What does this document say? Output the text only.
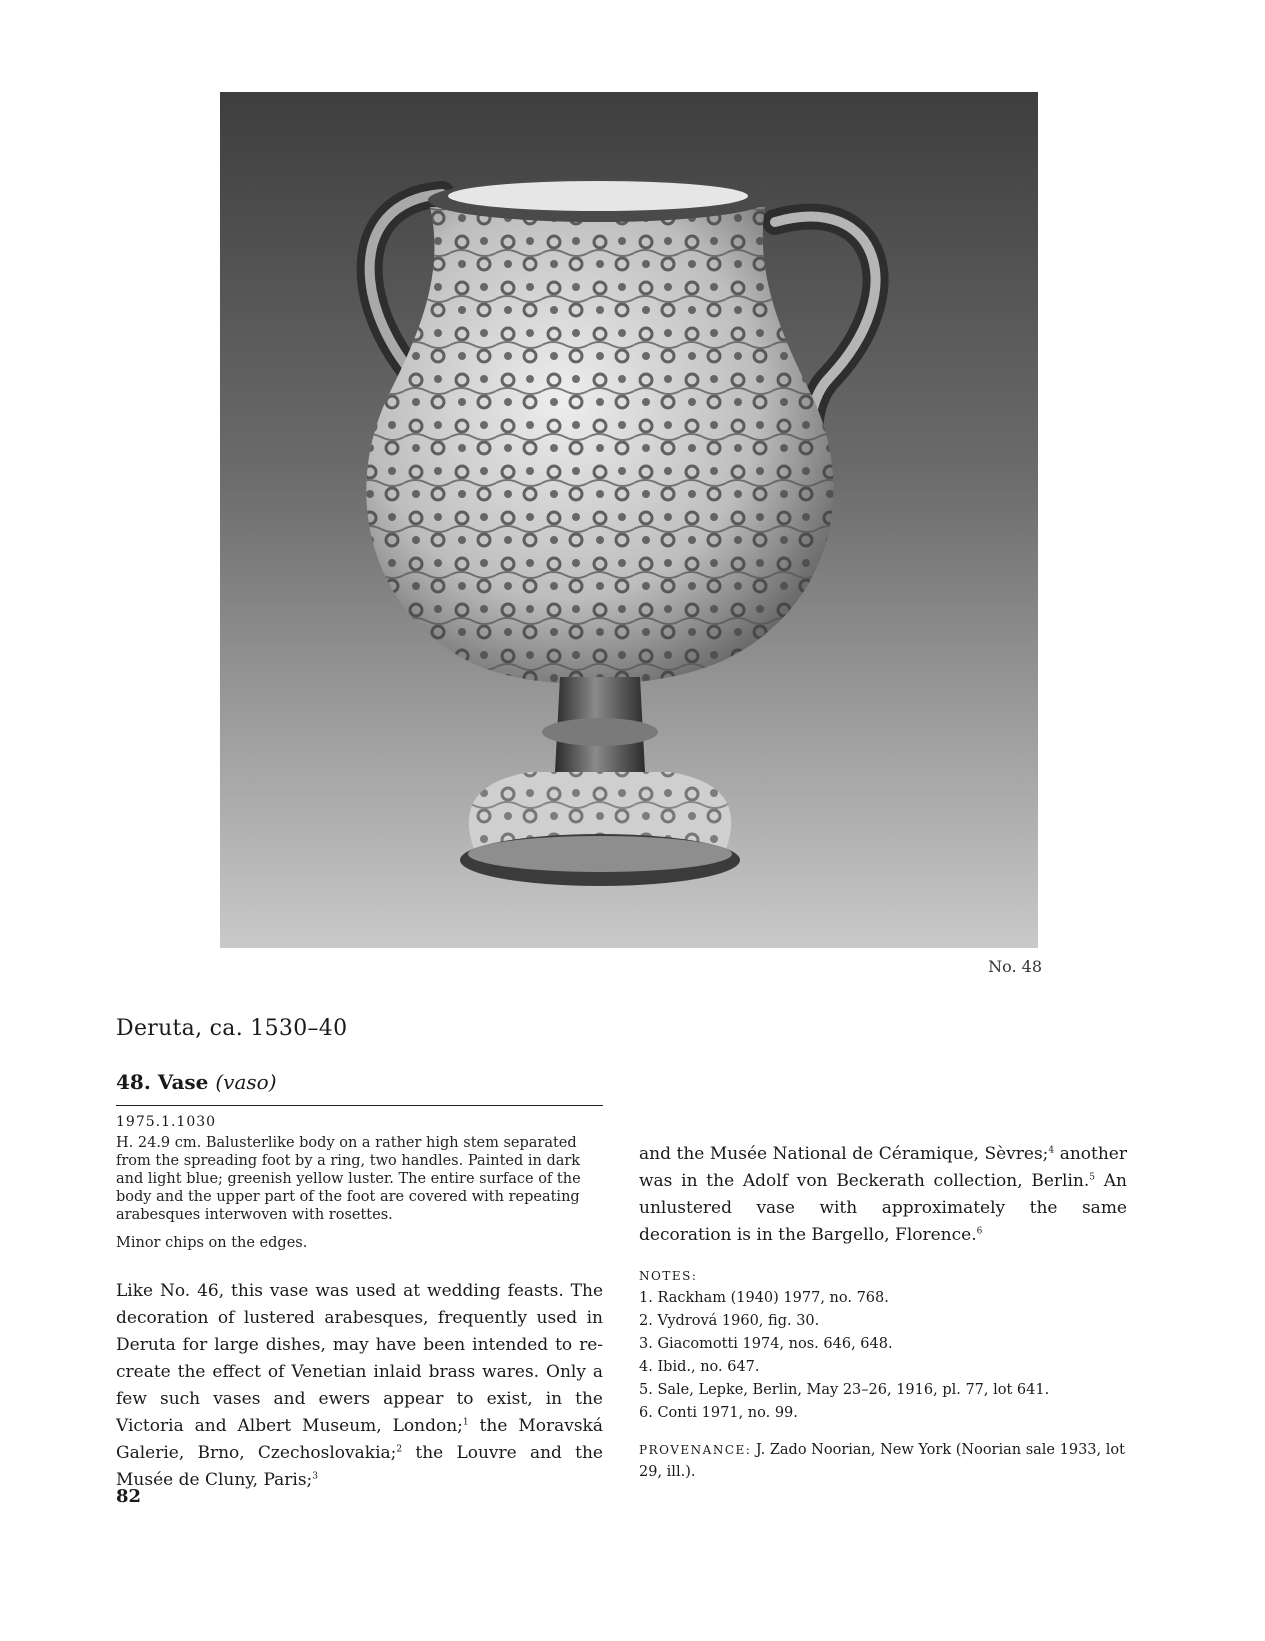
No. 48
Deruta, ca. 1530–40
48. Vase (vaso)
1975.1.1030

H. 24.9 cm. Balusterlike body on a rather high stem separated from the spreading foot by a ring, two handles. Painted in dark and light blue; greenish yellow luster. The entire surface of the body and the upper part of the foot are covered with repeating arabesques interwoven with rosettes.

Minor chips on the edges.

Like No. 46, this vase was used at wedding feasts. The decoration of lustered arabesques, frequently used in Deruta for large dishes, may have been intended to re-create the effect of Venetian inlaid brass wares. Only a few such vases and ewers appear to exist, in the Victoria and Albert Museum, London;$^1$ the Moravská Galerie, Brno, Czechoslovakia;$^2$ the Louvre and the Musée de Cluny, Paris;$^3$

and the Musée National de Céramique, Sèvres;$^4$ another was in the Adolf von Beckerath collection, Berlin.$^5$ An unlustered vase with approximately the same decoration is in the Bargello, Florence.$^6$

NOTES:
1. Rackham (1940) 1977, no. 768.
2. Vydrová 1960, fig. 30.
3. Giacomotti 1974, nos. 646, 648.
4. Ibid., no. 647.
5. Sale, Lepke, Berlin, May 23–26, 1916, pl. 77, lot 641.
6. Conti 1971, no. 99.

PROVENANCE: J. Zado Noorian, New York (Noorian sale 1933, lot 29, ill.).

82
